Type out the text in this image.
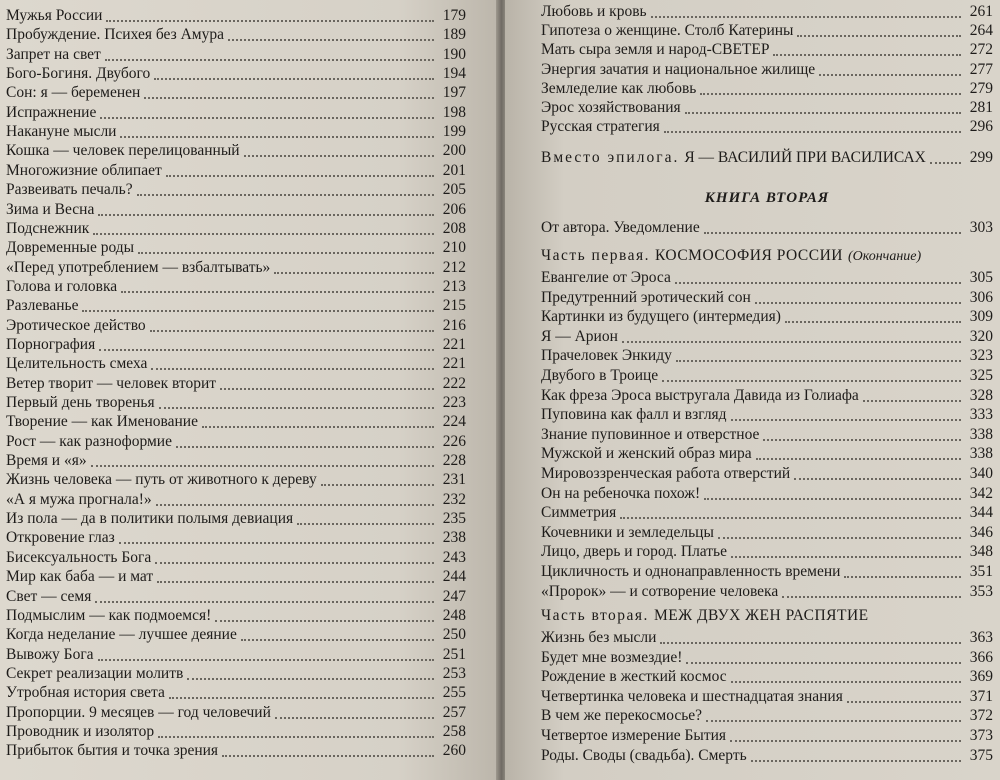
Мужья России	179
Пробуждение. Психея без Амура	189
Запрет на свет	190
Бого-Богиня. Двубого	194
Сон: я — беременен	197
Испражнение	198
Накануне мысли	199
Кошка — человек перелицованный	200
Многожизние облипает	201
Развеивать печаль?	205
Зима и Весна	206
Подснежник	208
Довременные роды	210
«Перед употреблением — взбалтывать»	212
Голова и головка	213
Разлеванье	215
Эротическое действо	216
Порнография	221
Целительность смеха	221
Ветер творит — человек вторит	222
Первый день творенья	223
Творение — как Именование	224
Рост — как разноформие	226
Время и «я»	228
Жизнь человека — путь от животного к дереву	231
«А я мужа прогнала!»	232
Из пола — да в политики полымя девиация	235
Откровение глаз	238
Бисексуальность Бога	243
Мир как баба — и мат	244
Свет — семя	247
Подмыслим — как подмоемся!	248
Когда неделание — лучшее деяние	250
Вывожу Бога	251
Секрет реализации молитв	253
Утробная история света	255
Пропорции. 9 месяцев — год человечий	257
Проводник и изолятор	258
Прибыток бытия и точка зрения	260
Любовь и кровь	261
Гипотеза о женщине. Столб Катерины	264
Мать сыра земля и народ-СВЕТЕР	272
Энергия зачатия и национальное жилище	277
Земледелие как любовь	279
Эрос хозяйствования	281
Русская стратегия	296
Вместо эпилога. Я — ВАСИЛИЙ ПРИ ВАСИЛИСАХ	299
КНИГА ВТОРАЯ
От автора. Уведомление	303
Часть первая. КОСМОСОФИЯ РОССИИ (Окончание)
Евангелие от Эроса	305
Предутренний эротический сон	306
Картинки из будущего (интермедия)	309
Я — Арион	320
Прачеловек Энкиду	323
Двубого в Троице	325
Как фреза Эроса выстругала Давида из Голиафа	328
Пуповина как фалл и взгляд	333
Знание пуповинное и отверстное	338
Мужской и женский образ мира	338
Мировоззренческая работа отверстий	340
Он на ребеночка похож!	342
Симметрия	344
Кочевники и земледельцы	346
Лицо, дверь и город. Платье	348
Цикличность и однонаправленность времени	351
«Пророк» — и сотворение человека	353
Часть вторая. МЕЖ ДВУХ ЖЕН РАСПЯТИЕ
Жизнь без мысли	363
Будет мне возмездие!	366
Рождение в жесткий космос	369
Четвертинка человека и шестнадцатая знания	371
В чем же перекосмосье?	372
Четвертое измерение Бытия	373
Роды. Своды (свадьба). Смерть	375
